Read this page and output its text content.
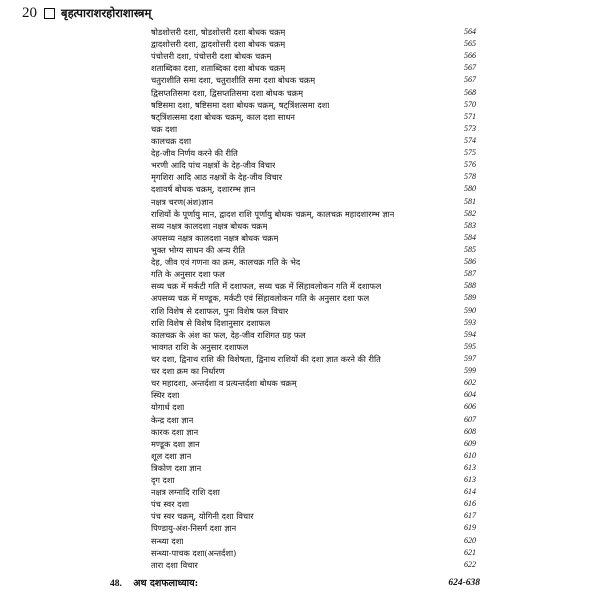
20 बृहत्पाराशरहोराशास्त्रम्
षोडशोत्तरी दशा, षोडशोत्तरी दशा बोधक चक्रम्	564
द्वादशोत्तरी दशा, द्वादशोत्तरी दशा बोधक चक्रम्	565
पंचोत्तरी दशा, पंचोत्तरी दशा बोधक चक्रम्	566
शताब्दिका दशा, शताब्दिका दशा बोधक चक्रम्	567
चतुराशीति समा दशा, चतुराशीति समा दशा बोधक चक्रम्	567
द्विसप्ततिसमा दशा, द्विसप्ततिसमा दशा बोधक चक्रम्	568
षष्टिसमा दशा, षष्टिसमा दशा बोधक चक्रम्, षट्त्रिंशत्समा दशा	570
षट्त्रिंशत्समा दशा बोधक चक्रम्, काल दशा साधन	571
चक्र दशा	573
कालचक्र दशा	574
देह-जीव निर्णय करने की रीति	575
भरणी आदि पांच नक्षत्रों के देह-जीव विचार	576
मृगशिरा आदि आठ नक्षत्रों के देह-जीव विचार	578
दशावर्ष बोधक चक्रम्, दशारम्भ ज्ञान	580
नक्षत्र चरण(अंश)ज्ञान	581
राशियों के पूर्णायु मान, द्वादश राशि पूर्णायु बोधक चक्रम्, कालचक्र महादशारम्भ ज्ञान	582
सव्य नक्षत्र कालदशा नक्षत्र बोधक चक्रम्	583
अपसव्य नक्षत्र कालदशा नक्षत्र बोधक चक्रम्	584
भुक्त भोग्य साधन की अन्य रीति	585
देह, जीव एवं गणना का क्रम, कालचक्र गति के भेद	586
गति के अनुसार दशा फल	587
सव्य चक्र में मर्कटी गति में दशाफल, सव्य चक्र में सिंहावलोकन गति में दशाफल	588
अपसव्य चक्र में मण्डूक, मर्कटी एवं सिंहावलोकन गति के अनुसार दशा फल	589
राशि विशेष से दशाफल, पुनः विशेष फल विचार	590
राशि विशेष से विशेष दिशानुसार दशाफल	593
कालचक्र के अंश का फल, देह-जीव राशिगत ग्रह फल	594
भावगत राशि के अनुसार दशाफल	595
चर दशा, द्विनाथ राशि की विशेषता, द्विनाथ राशियों की दशा ज्ञात करने की रीति	597
चर दशा क्रम का निर्धारण	599
चर महादशा, अन्तर्दशा व प्रत्यन्तर्दशा बोधक चक्रम्	602
स्थिर दशा	604
योगार्ध दशा	606
केन्द्र दशा ज्ञान	607
कारक दशा ज्ञान	608
मण्डूक दशा ज्ञान	609
शूल दशा ज्ञान	610
त्रिकोण दशा ज्ञान	613
दृग दशा	613
नक्षत्र लग्नादि राशि दशा	614
पंच स्वर दशा	616
पंच स्वर चक्रम्, योगिनी दशा विचार	617
पिण्डायु-अंश-निसर्ग दशा ज्ञान	619
सन्ध्या दशा	620
सन्ध्या-पाचक दशा(अन्तर्दशा)	621
तारा दशा विचार	622
48. अथ दशफलाध्याय:	624-638
